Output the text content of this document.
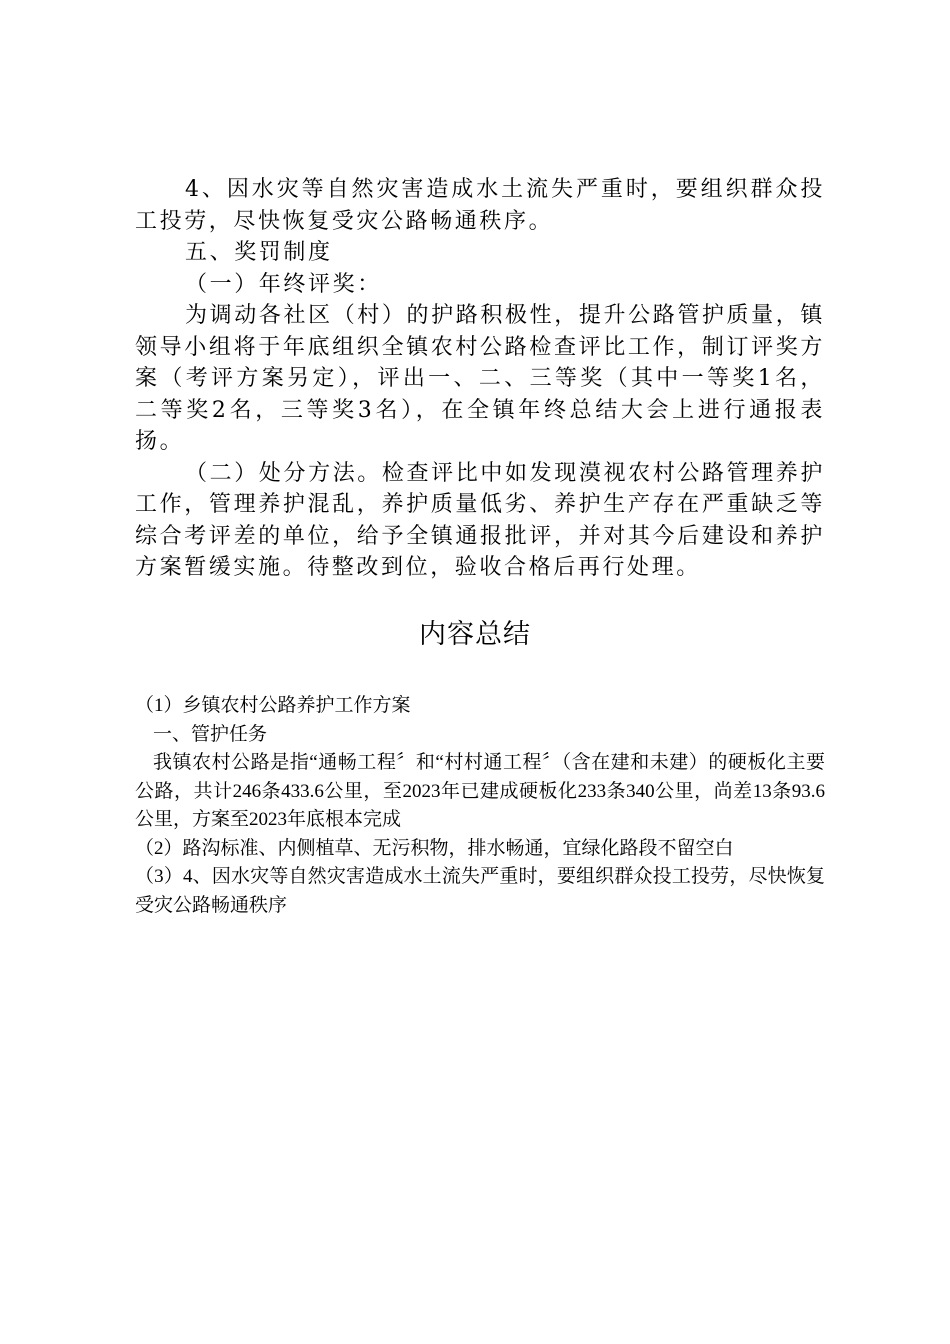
4、因水灾等自然灾害造成水土流失严重时，要组织群众投工投劳，尽快恢复受灾公路畅通秩序。

五、奖罚制度

（一）年终评奖：

为调动各社区（村）的护路积极性，提升公路管护质量，镇领导小组将于年底组织全镇农村公路检查评比工作，制订评奖方案（考评方案另定），评出一、二、三等奖（其中一等奖1名，二等奖2名，三等奖3名），在全镇年终总结大会上进行通报表扬。

（二）处分方法。检查评比中如发现漠视农村公路管理养护工作，管理养护混乱，养护质量低劣、养护生产存在严重缺乏等综合考评差的单位，给予全镇通报批评，并对其今后建设和养护方案暂缓实施。待整改到位，验收合格后再行处理。

内容总结

（1）乡镇农村公路养护工作方案

一、管护任务

我镇农村公路是指“通畅工程〞和“村村通工程〞（含在建和未建）的硬板化主要公路，共计246条433.6公里，至2023年已建成硬板化233条340公里，尚差13条93.6公里，方案至2023年底根本完成

（2）路沟标准、内侧植草、无污积物，排水畅通，宜绿化路段不留空白

（3）4、因水灾等自然灾害造成水土流失严重时，要组织群众投工投劳，尽快恢复受灾公路畅通秩序
